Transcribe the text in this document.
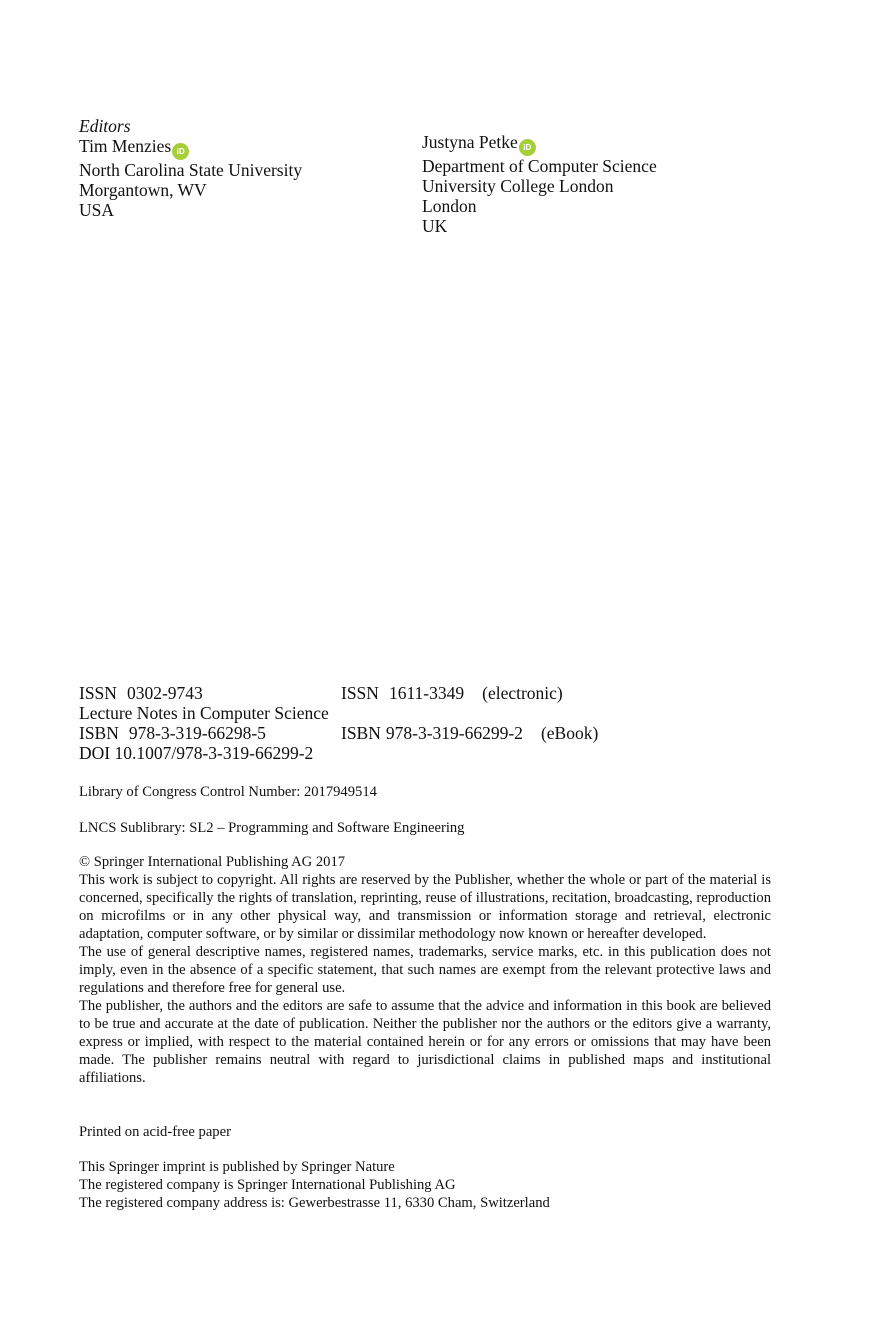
Editors
Tim Menzies iD
North Carolina State University
Morgantown, WV
USA
Justyna Petke iD
Department of Computer Science
University College London
London
UK
ISSN 0302-9743
Lecture Notes in Computer Science
ISBN 978-3-319-66298-5
DOI 10.1007/978-3-319-66299-2
ISSN 1611-3349 (electronic)
ISBN 978-3-319-66299-2 (eBook)
Library of Congress Control Number: 2017949514
LNCS Sublibrary: SL2 – Programming and Software Engineering
© Springer International Publishing AG 2017

This work is subject to copyright. All rights are reserved by the Publisher, whether the whole or part of the material is concerned, specifically the rights of translation, reprinting, reuse of illustrations, recitation, broadcasting, reproduction on microfilms or in any other physical way, and transmission or information storage and retrieval, electronic adaptation, computer software, or by similar or dissimilar methodology now known or hereafter developed.

The use of general descriptive names, registered names, trademarks, service marks, etc. in this publication does not imply, even in the absence of a specific statement, that such names are exempt from the relevant protective laws and regulations and therefore free for general use.

The publisher, the authors and the editors are safe to assume that the advice and information in this book are believed to be true and accurate at the date of publication. Neither the publisher nor the authors or the editors give a warranty, express or implied, with respect to the material contained herein or for any errors or omissions that may have been made. The publisher remains neutral with regard to jurisdictional claims in published maps and institutional affiliations.

Printed on acid-free paper
This Springer imprint is published by Springer Nature
The registered company is Springer International Publishing AG
The registered company address is: Gewerbestrasse 11, 6330 Cham, Switzerland
